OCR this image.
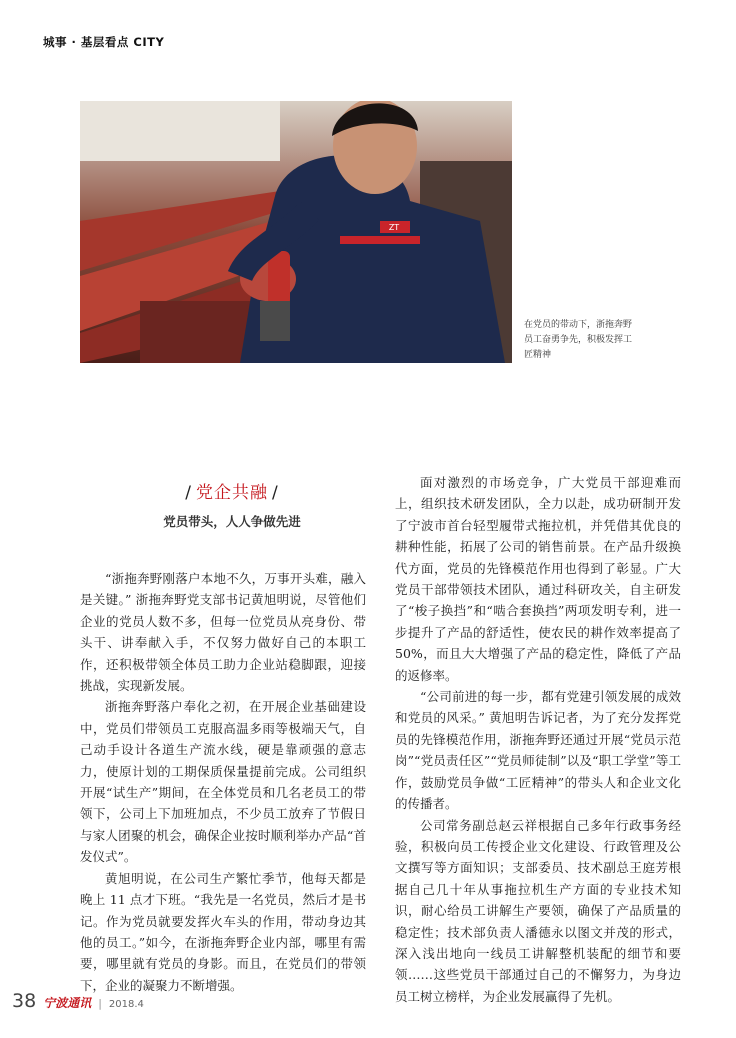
城事 · 基层看点 CITY
ZT
在党员的带动下，浙拖奔野员工奋勇争先，积极发挥工匠精神
/ 党企共融 /
党员带头，人人争做先进

“浙拖奔野刚落户本地不久，万事开头难，融入是关键。” 浙拖奔野党支部书记黄旭明说，尽管他们企业的党员人数不多，但每一位党员从亮身份、带头干、讲奉献入手，不仅努力做好自己的本职工作，还积极带领全体员工助力企业站稳脚跟，迎接挑战，实现新发展。

浙拖奔野落户奉化之初，在开展企业基础建设中，党员们带领员工克服高温多雨等极端天气，自己动手设计各道生产流水线，硬是靠顽强的意志力，使原计划的工期保质保量提前完成。公司组织开展“试生产”期间，在全体党员和几名老员工的带领下，公司上下加班加点，不少员工放弃了节假日与家人团聚的机会，确保企业按时顺利举办产品“首发仪式”。

黄旭明说，在公司生产繁忙季节，他每天都是晚上 11 点才下班。“我先是一名党员，然后才是书记。作为党员就要发挥火车头的作用，带动身边其他的员工。”如今，在浙拖奔野企业内部，哪里有需要，哪里就有党员的身影。而且，在党员们的带领下，企业的凝聚力不断增强。

面对激烈的市场竞争，广大党员干部迎难而上，组织技术研发团队，全力以赴，成功研制开发了宁波市首台轻型履带式拖拉机，并凭借其优良的耕种性能，拓展了公司的销售前景。在产品升级换代方面，党员的先锋模范作用也得到了彰显。广大党员干部带领技术团队，通过科研攻关，自主研发了“梭子换挡”和“啮合套换挡”两项发明专利，进一步提升了产品的舒适性，使农民的耕作效率提高了 50%，而且大大增强了产品的稳定性，降低了产品的返修率。

“公司前进的每一步，都有党建引领发展的成效和党员的风采。” 黄旭明告诉记者，为了充分发挥党员的先锋模范作用，浙拖奔野还通过开展“党员示范岗”“党员责任区”“党员师徒制”以及“职工学堂”等工作，鼓励党员争做“工匠精神”的带头人和企业文化的传播者。

公司常务副总赵云祥根据自己多年行政事务经验，积极向员工传授企业文化建设、行政管理及公文撰写等方面知识；支部委员、技术副总王庭芳根据自己几十年从事拖拉机生产方面的专业技术知识，耐心给员工讲解生产要领，确保了产品质量的稳定性；技术部负责人潘德永以图文并茂的形式，深入浅出地向一线员工讲解整机装配的细节和要领……这些党员干部通过自己的不懈努力，为身边员工树立榜样，为企业发展赢得了先机。

38 宁波通讯 | 2018.4
